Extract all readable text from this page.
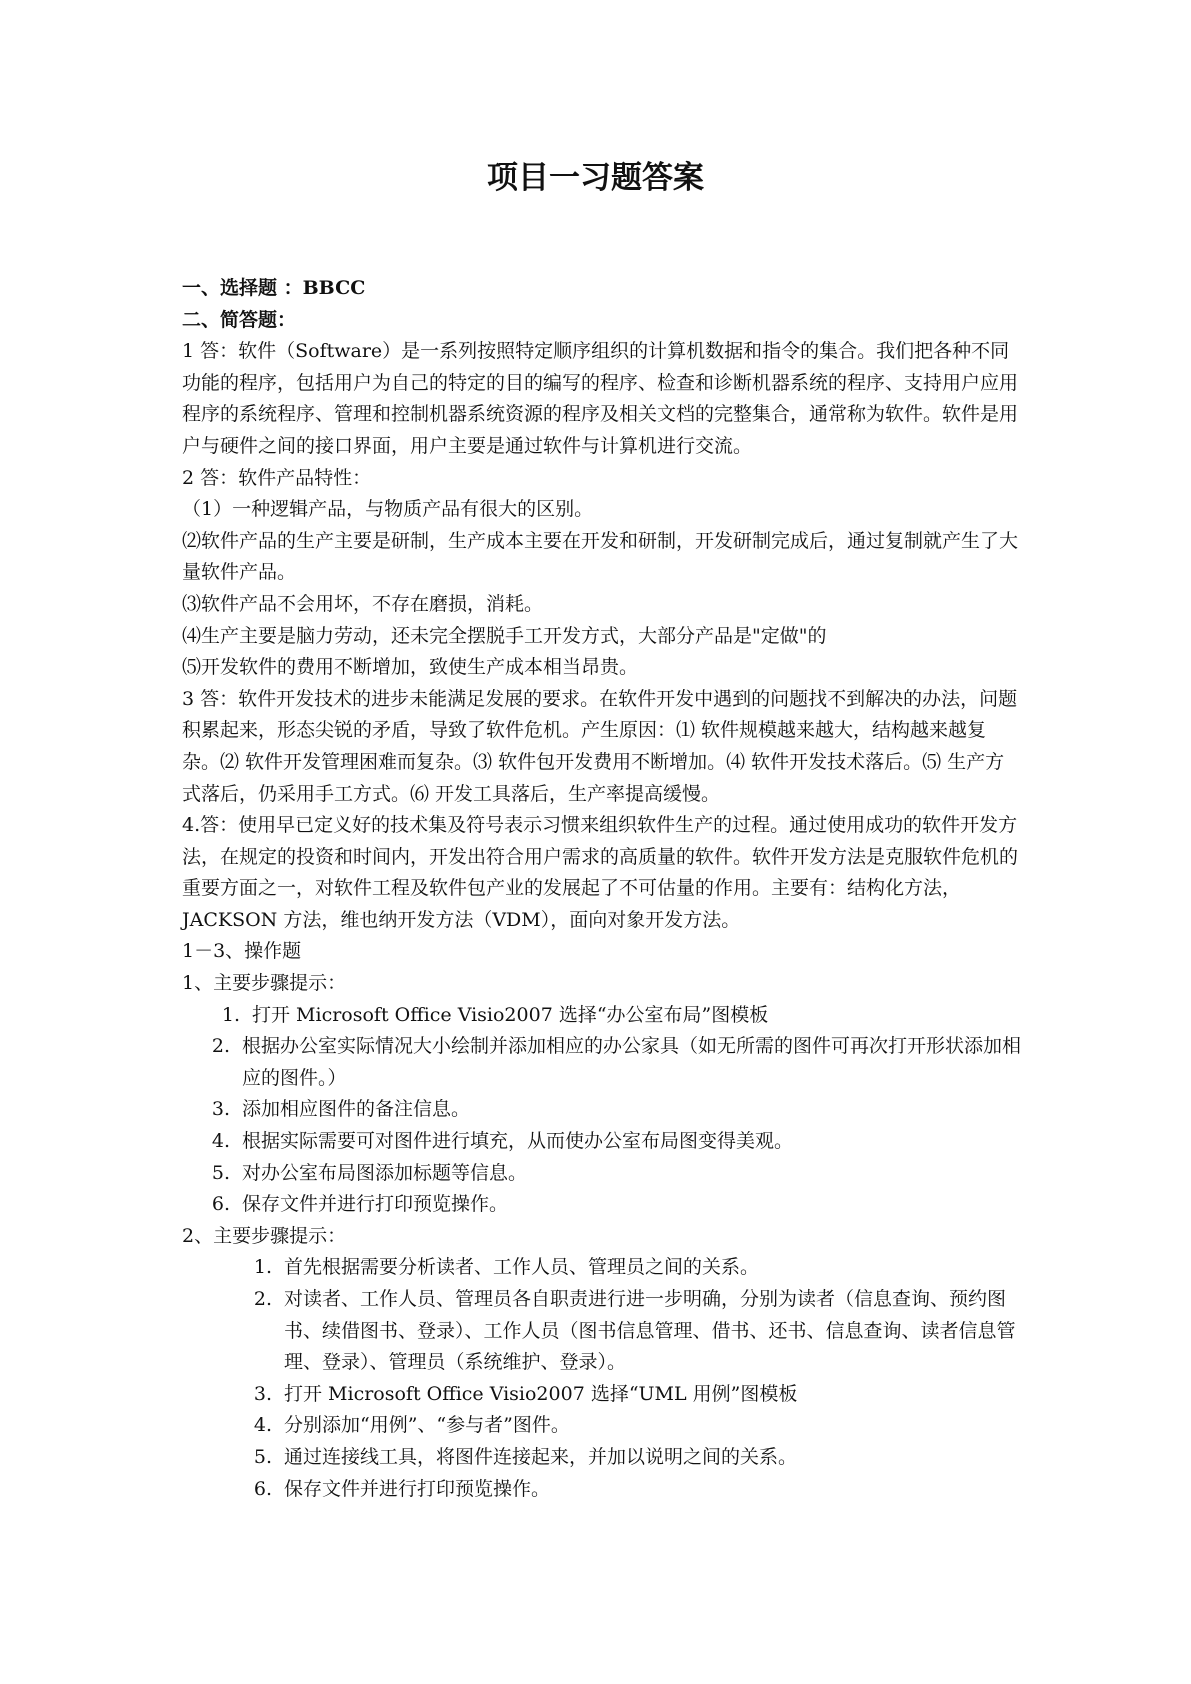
项目一习题答案

一、选择题 ：BBCC

二、简答题：

1 答：软件（Software）是一系列按照特定顺序组织的计算机数据和指令的集合。我们把各种不同功能的程序，包括用户为自己的特定的目的编写的程序、检查和诊断机器系统的程序、支持用户应用程序的系统程序、管理和控制机器系统资源的程序及相关文档的完整集合，通常称为软件。软件是用户与硬件之间的接口界面，用户主要是通过软件与计算机进行交流。

2 答：软件产品特性：

（1）一种逻辑产品，与物质产品有很大的区别。

⑵软件产品的生产主要是研制，生产成本主要在开发和研制，开发研制完成后，通过复制就产生了大量软件产品。

⑶软件产品不会用坏，不存在磨损，消耗。

⑷生产主要是脑力劳动，还未完全摆脱手工开发方式，大部分产品是"定做"的

⑸开发软件的费用不断增加，致使生产成本相当昂贵。

3 答：软件开发技术的进步未能满足发展的要求。在软件开发中遇到的问题找不到解决的办法，问题积累起来，形态尖锐的矛盾，导致了软件危机。产生原因：⑴ 软件规模越来越大，结构越来越复杂。⑵ 软件开发管理困难而复杂。⑶ 软件包开发费用不断增加。⑷ 软件开发技术落后。⑸ 生产方式落后，仍采用手工方式。⑹ 开发工具落后，生产率提高缓慢。

4.答：使用早已定义好的技术集及符号表示习惯来组织软件生产的过程。通过使用成功的软件开发方法，在规定的投资和时间内，开发出符合用户需求的高质量的软件。软件开发方法是克服软件危机的重要方面之一，对软件工程及软件包产业的发展起了不可估量的作用。主要有：结构化方法，JACKSON 方法，维也纳开发方法（VDM），面向对象开发方法。

1－3、操作题

1、主要步骤提示：

1. 打开 Microsoft Office Visio2007 选择“办公室布局”图模板
2. 根据办公室实际情况大小绘制并添加相应的办公家具（如无所需的图件可再次打开形状添加相应的图件。）
3. 添加相应图件的备注信息。
4. 根据实际需要可对图件进行填充，从而使办公室布局图变得美观。
5. 对办公室布局图添加标题等信息。
6. 保存文件并进行打印预览操作。

2、主要步骤提示：

1. 首先根据需要分析读者、工作人员、管理员之间的关系。
2. 对读者、工作人员、管理员各自职责进行进一步明确，分别为读者（信息查询、预约图书、续借图书、登录）、工作人员（图书信息管理、借书、还书、信息查询、读者信息管理、登录）、管理员（系统维护、登录）。
3. 打开 Microsoft Office Visio2007 选择“UML 用例”图模板
4. 分别添加“用例”、“参与者”图件。
5. 通过连接线工具，将图件连接起来，并加以说明之间的关系。
6. 保存文件并进行打印预览操作。
